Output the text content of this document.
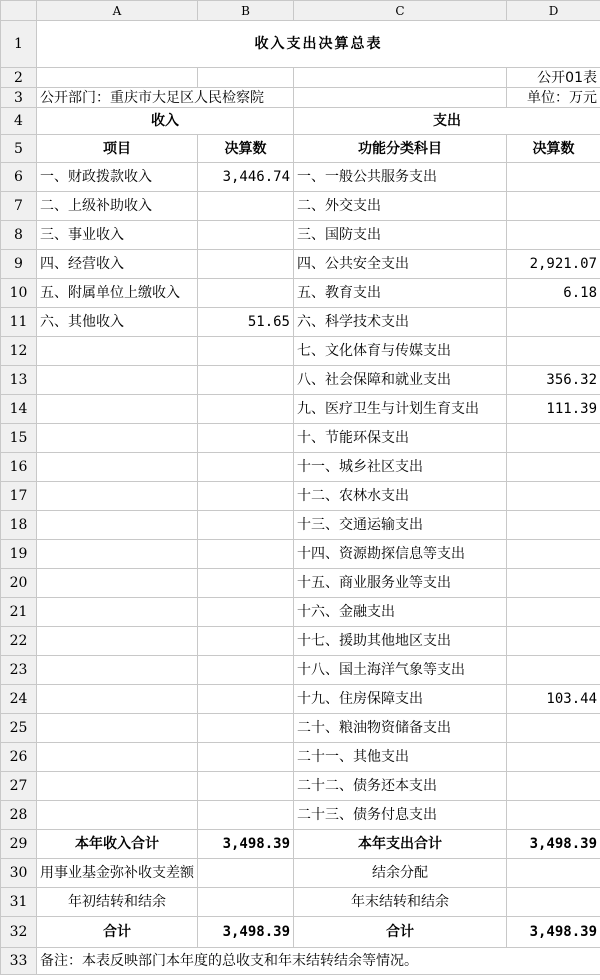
	A	B	C	D
1	收入支出决算总表			
2				公开01表
3	公开部门：重庆市大足区人民检察院			单位：万元
4	收入		支出	
5	项目	决算数	功能分类科目	决算数
6	一、财政拨款收入	3,446.74	一、一般公共服务支出	
7	二、上级补助收入		二、外交支出	
8	三、事业收入		三、国防支出	
9	四、经营收入		四、公共安全支出	2,921.07
10	五、附属单位上缴收入		五、教育支出	6.18
11	六、其他收入	51.65	六、科学技术支出	
12			七、文化体育与传媒支出	
13			八、社会保障和就业支出	356.32
14			九、医疗卫生与计划生育支出	111.39
15			十、节能环保支出	
16			十一、城乡社区支出	
17			十二、农林水支出	
18			十三、交通运输支出	
19			十四、资源勘探信息等支出	
20			十五、商业服务业等支出	
21			十六、金融支出	
22			十七、援助其他地区支出	
23			十八、国土海洋气象等支出	
24			十九、住房保障支出	103.44
25			二十、粮油物资储备支出	
26			二十一、其他支出	
27			二十二、债务还本支出	
28			二十三、债务付息支出	
29	本年收入合计	3,498.39	本年支出合计	3,498.39
30	用事业基金弥补收支差额		结余分配	
31	年初结转和结余		年末结转和结余	
32	合计	3,498.39	合计	3,498.39
33	备注：本表反映部门本年度的总收支和年末结转结余等情况。			
